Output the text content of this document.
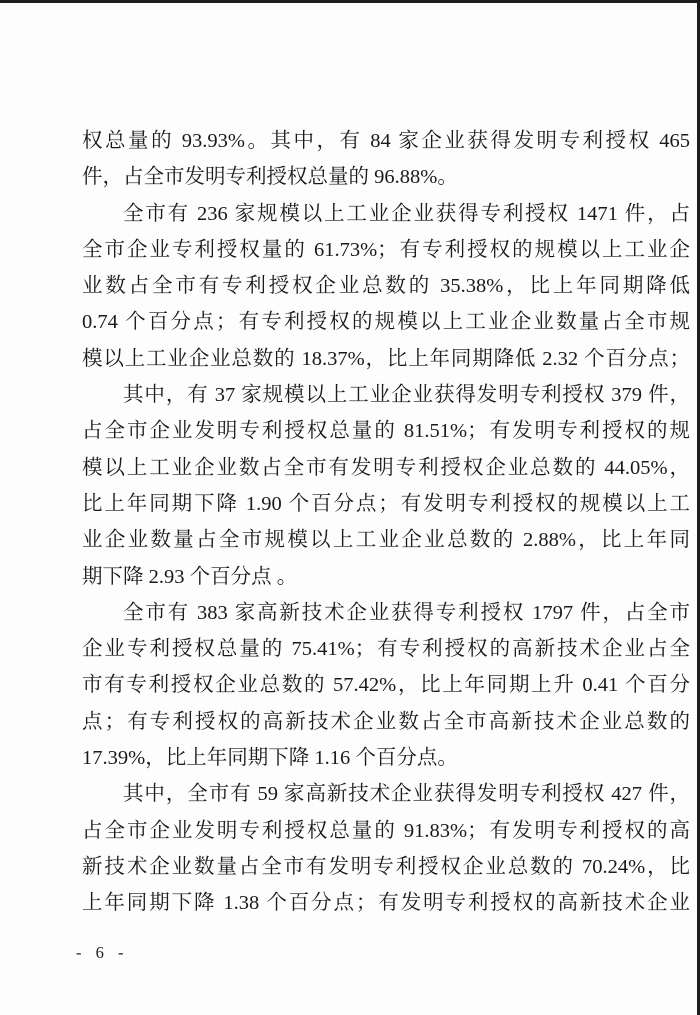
权总量的 93.93%。其中，有 84 家企业获得发明专利授权 465
件，占全市发明专利授权总量的 96.88%。
全市有 236 家规模以上工业企业获得专利授权 1471 件，占
全市企业专利授权量的 61.73%；有专利授权的规模以上工业企
业数占全市有专利授权企业总数的 35.38%，比上年同期降低
0.74 个百分点；有专利授权的规模以上工业企业数量占全市规
模以上工业企业总数的 18.37%，比上年同期降低 2.32 个百分点；
其中，有 37 家规模以上工业企业获得发明专利授权 379 件，
占全市企业发明专利授权总量的 81.51%；有发明专利授权的规
模以上工业企业数占全市有发明专利授权企业总数的 44.05%，
比上年同期下降 1.90 个百分点；有发明专利授权的规模以上工
业企业数量占全市规模以上工业企业总数的 2.88%，比上年同
期下降 2.93 个百分点 。
全市有 383 家高新技术企业获得专利授权 1797 件，占全市
企业专利授权总量的 75.41%；有专利授权的高新技术企业占全
市有专利授权企业总数的 57.42%，比上年同期上升 0.41 个百分
点；有专利授权的高新技术企业数占全市高新技术企业总数的
17.39%，比上年同期下降 1.16 个百分点。
其中，全市有 59 家高新技术企业获得发明专利授权 427 件，
占全市企业发明专利授权总量的 91.83%；有发明专利授权的高
新技术企业数量占全市有发明专利授权企业总数的 70.24%，比
上年同期下降 1.38 个百分点；有发明专利授权的高新技术企业
- 6 -
